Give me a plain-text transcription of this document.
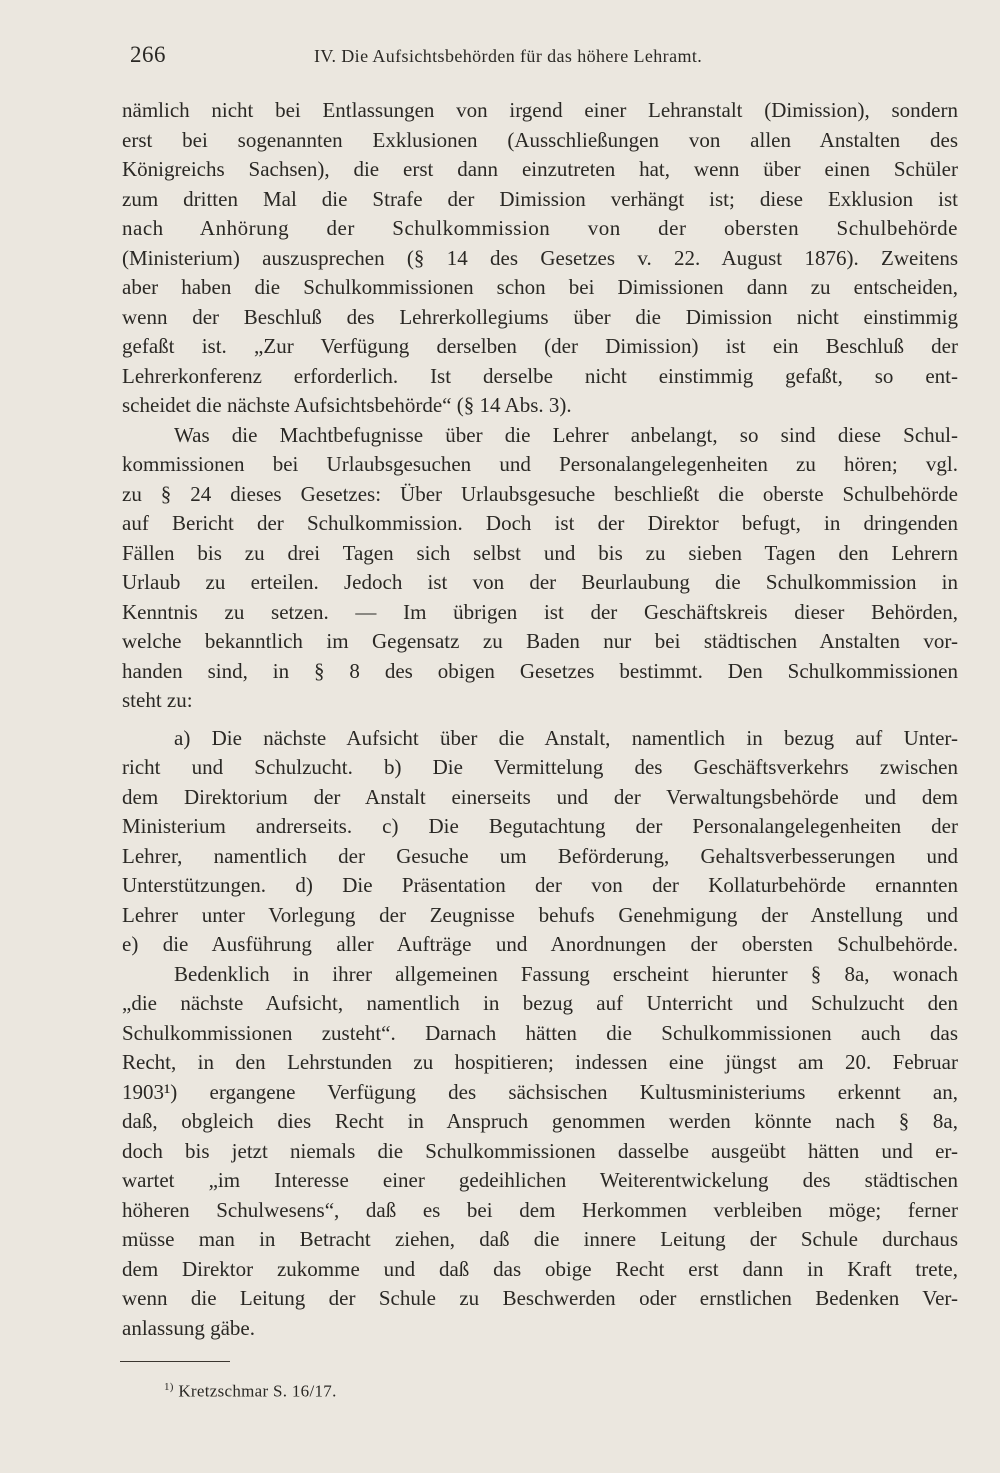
266	IV. Die Aufsichtsbehörden für das höhere Lehramt.
nämlich nicht bei Entlassungen von irgend einer Lehranstalt (Dimission), sondern
erst bei sogenannten Exklusionen (Ausschließungen von allen Anstalten des
Königreichs Sachsen), die erst dann einzutreten hat, wenn über einen Schüler
zum dritten Mal die Strafe der Dimission verhängt ist; diese Exklusion ist
nach Anhörung der Schulkommission von der obersten Schulbehörde
(Ministerium) auszusprechen (§ 14 des Gesetzes v. 22. August 1876). Zweitens
aber haben die Schulkommissionen schon bei Dimissionen dann zu entscheiden,
wenn der Beschluß des Lehrerkollegiums über die Dimission nicht einstimmig
gefaßt ist. „Zur Verfügung derselben (der Dimission) ist ein Beschluß der
Lehrerkonferenz erforderlich. Ist derselbe nicht einstimmig gefaßt, so ent-
scheidet die nächste Aufsichtsbehörde“ (§ 14 Abs. 3).
Was die Machtbefugnisse über die Lehrer anbelangt, so sind diese Schul-
kommissionen bei Urlaubsgesuchen und Personalangelegenheiten zu hören; vgl.
zu § 24 dieses Gesetzes: Über Urlaubsgesuche beschließt die oberste Schulbehörde
auf Bericht der Schulkommission. Doch ist der Direktor befugt, in dringenden
Fällen bis zu drei Tagen sich selbst und bis zu sieben Tagen den Lehrern
Urlaub zu erteilen. Jedoch ist von der Beurlaubung die Schulkommission in
Kenntnis zu setzen. — Im übrigen ist der Geschäftskreis dieser Behörden,
welche bekanntlich im Gegensatz zu Baden nur bei städtischen Anstalten vor-
handen sind, in § 8 des obigen Gesetzes bestimmt. Den Schulkommissionen
steht zu:
a) Die nächste Aufsicht über die Anstalt, namentlich in bezug auf Unter-
richt und Schulzucht. b) Die Vermittelung des Geschäftsverkehrs zwischen
dem Direktorium der Anstalt einerseits und der Verwaltungsbehörde und dem
Ministerium andrerseits. c) Die Begutachtung der Personalangelegenheiten der
Lehrer, namentlich der Gesuche um Beförderung, Gehaltsverbesserungen und
Unterstützungen. d) Die Präsentation der von der Kollaturbehörde ernannten
Lehrer unter Vorlegung der Zeugnisse behufs Genehmigung der Anstellung und
e) die Ausführung aller Aufträge und Anordnungen der obersten Schulbehörde.
Bedenklich in ihrer allgemeinen Fassung erscheint hierunter § 8a, wonach
„die nächste Aufsicht, namentlich in bezug auf Unterricht und Schulzucht den
Schulkommissionen zusteht“. Darnach hätten die Schulkommissionen auch das
Recht, in den Lehrstunden zu hospitieren; indessen eine jüngst am 20. Februar
1903¹) ergangene Verfügung des sächsischen Kultusministeriums erkennt an,
daß, obgleich dies Recht in Anspruch genommen werden könnte nach § 8a,
doch bis jetzt niemals die Schulkommissionen dasselbe ausgeübt hätten und er-
wartet „im Interesse einer gedeihlichen Weiterentwickelung des städtischen
höheren Schulwesens“, daß es bei dem Herkommen verbleiben möge; ferner
müsse man in Betracht ziehen, daß die innere Leitung der Schule durchaus
dem Direktor zukomme und daß das obige Recht erst dann in Kraft trete,
wenn die Leitung der Schule zu Beschwerden oder ernstlichen Bedenken Ver-
anlassung gäbe.
$^{1)}$ Kretzschmar S. 16/17.
